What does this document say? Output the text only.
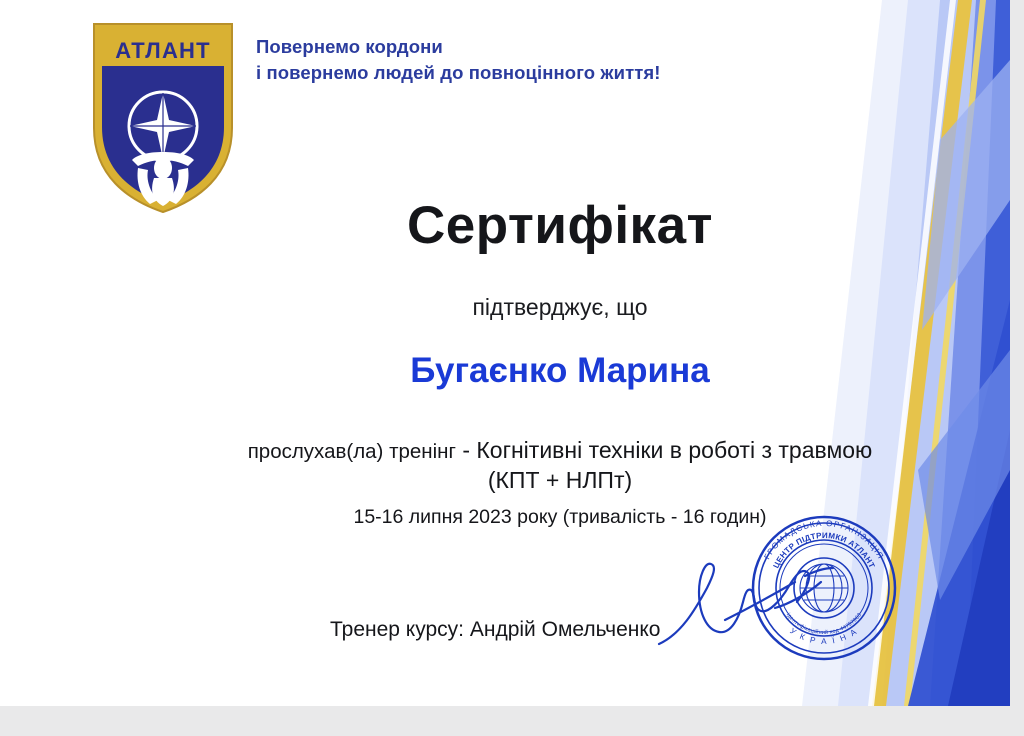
АТЛАНТ Повернемо кордони
і повернемо людей до повноцінного життя!
Сертифікат
підтверджує, що
Бугаєнко Марина
прослухав(ла) тренінг - Когнітивні техніки в роботі з травмою
(КПТ + НЛПт)
15-16 липня 2023 року (тривалість - 16 годин)
Тренер курсу: Андрій Омельченко
ГРОМАДСЬКА ОРГАНІЗАЦІЯ
У К Р А Ї Н А
ЦЕНТР ПІДТРИМКИ АТЛАНТ
ідентифікаційний код 44797063
